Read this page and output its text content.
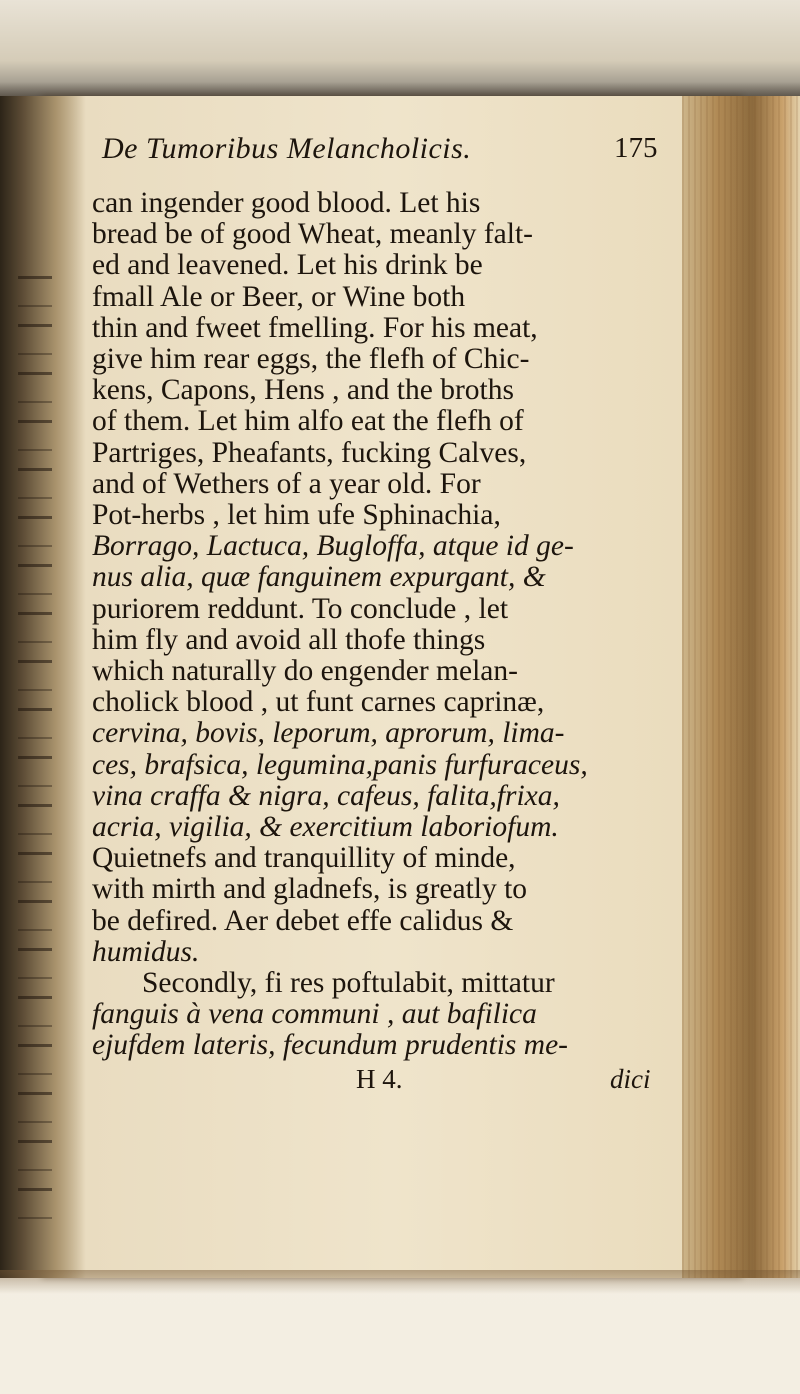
De Tumoribus Melancholicis.	175
can ingender good blood. Let his
bread be of good Wheat, meanly falt-
ed and leavened. Let his drink be
fmall Ale or Beer, or Wine both
thin and fweet fmelling. For his meat,
give him rear eggs, the flefh of Chic-
kens, Capons, Hens , and the broths
of them. Let him alfo eat the flefh of
Partriges, Pheafants, fucking Calves,
and of Wethers of a year old. For
Pot-herbs , let him ufe Sphinachia,
Borrago, Lactuca, Bugloffa, atque id ge-
nus alia, quæ fanguinem expurgant, &
puriorem reddunt. To conclude , let
him fly and avoid all thofe things
which naturally do engender melan-
cholick blood , ut funt carnes caprinæ,
cervina, bovis, leporum, aprorum, lima-
ces, brafsica, legumina,panis furfuraceus,
vina craffa & nigra, cafeus, falita,frixa,
acria, vigilia, & exercitium laboriofum.
Quietnefs and tranquillity of minde,
with mirth and gladnefs, is greatly to
be defired. Aer debet effe calidus &
humidus.
Secondly, fi res poftulabit, mittatur
fanguis à vena communi , aut bafilica
ejufdem lateris, fecundum prudentis me-
H 4.	dici
